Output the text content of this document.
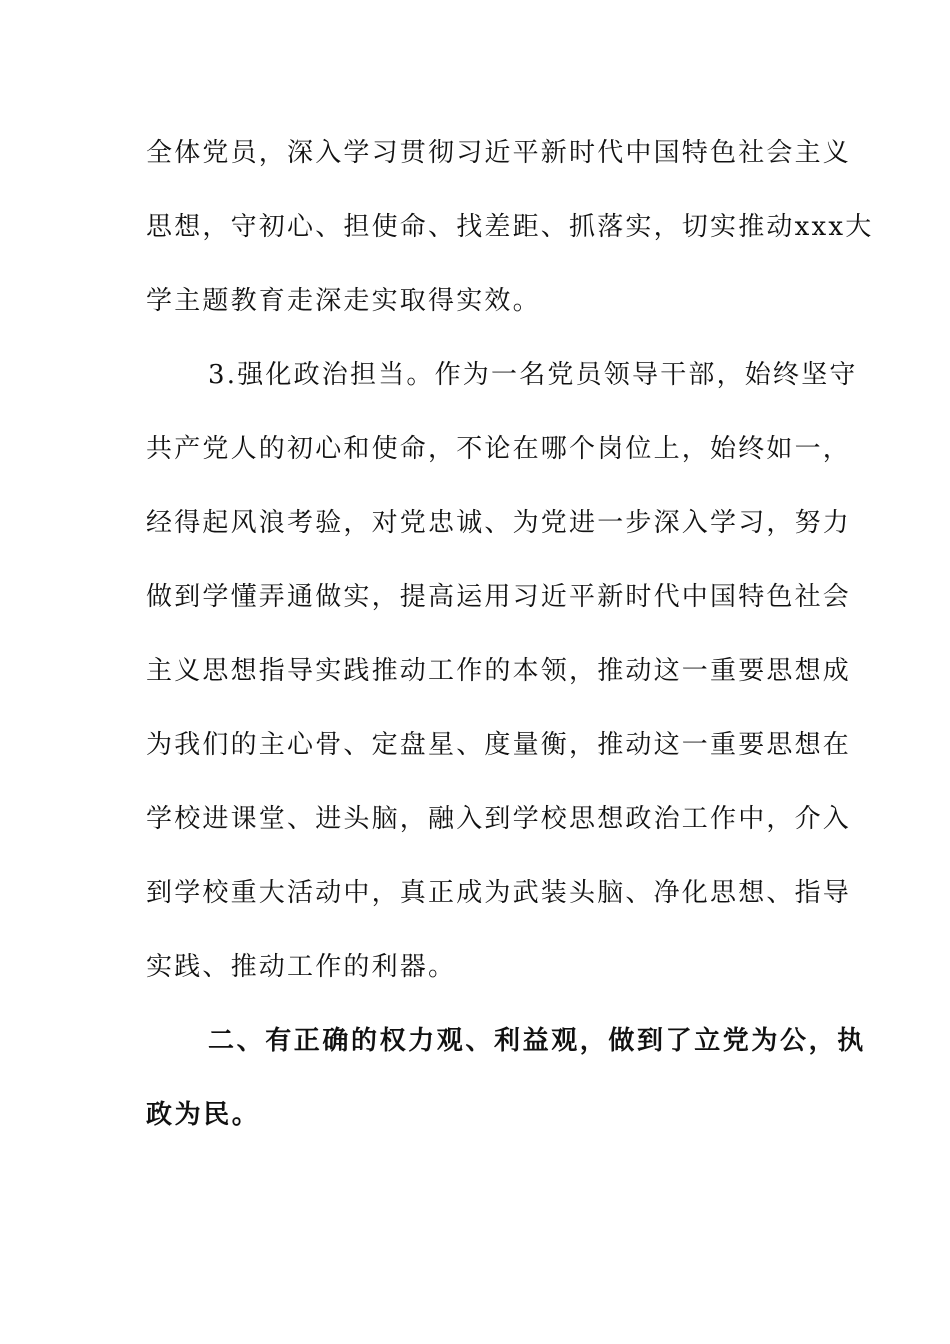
全体党员，深入学习贯彻习近平新时代中国特色社会主义
思想，守初心、担使命、找差距、抓落实，切实推动xxx大
学主题教育走深走实取得实效。
3.强化政治担当。作为一名党员领导干部，始终坚守
共产党人的初心和使命，不论在哪个岗位上，始终如一，
经得起风浪考验，对党忠诚、为党进一步深入学习，努力
做到学懂弄通做实，提高运用习近平新时代中国特色社会
主义思想指导实践推动工作的本领，推动这一重要思想成
为我们的主心骨、定盘星、度量衡，推动这一重要思想在
学校进课堂、进头脑，融入到学校思想政治工作中，介入
到学校重大活动中，真正成为武装头脑、净化思想、指导
实践、推动工作的利器。
二、有正确的权力观、利益观，做到了立党为公，执
政为民。
